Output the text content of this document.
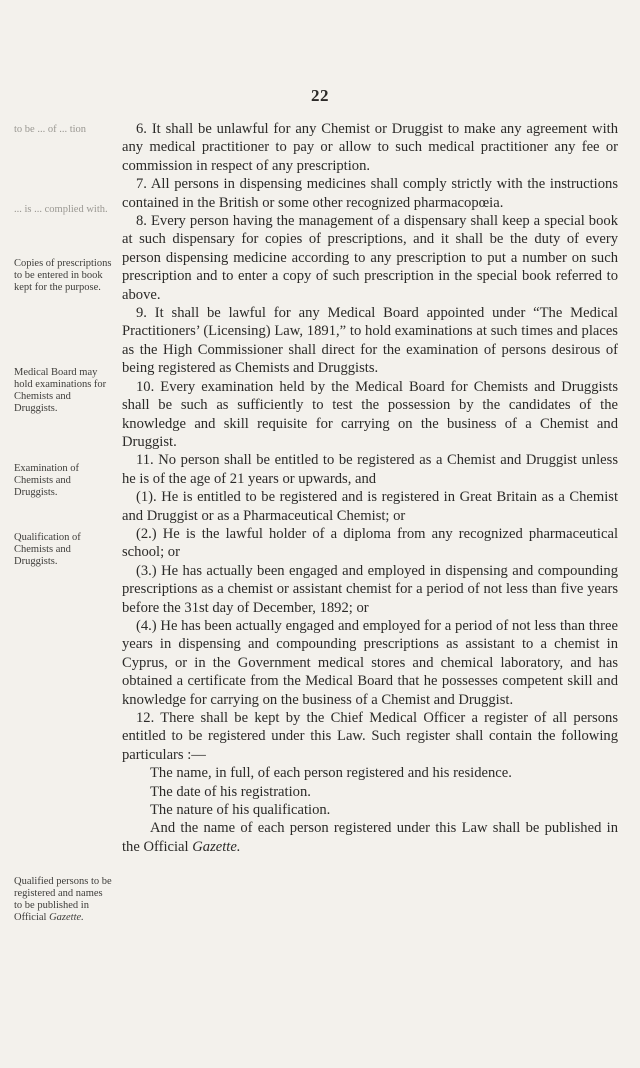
22
to be ... of ... tion
... is ... complied with.
Copies of prescriptions to be entered in book kept for the purpose.
Medical Board may hold examinations for Chemists and Druggists.
Examination of Chemists and Druggists.
Qualification of Chemists and Druggists.
Qualified persons to be registered and names to be published in Official Gazette.

6. It shall be unlawful for any Chemist or Druggist to make any agreement with any medical practitioner to pay or allow to such medical practitioner any fee or commission in respect of any prescription.

7. All persons in dispensing medicines shall comply strictly with the instructions contained in the British or some other recognized pharmacopœia.

8. Every person having the management of a dispensary shall keep a special book at such dispensary for copies of prescriptions, and it shall be the duty of every person dispensing medicine according to any prescription to put a number on such prescription and to enter a copy of such prescription in the special book referred to above.

9. It shall be lawful for any Medical Board appointed under “The Medical Practitioners’ (Licensing) Law, 1891,” to hold examinations at such times and places as the High Commissioner shall direct for the examination of persons desirous of being registered as Chemists and Druggists.

10. Every examination held by the Medical Board for Chemists and Druggists shall be such as sufficiently to test the possession by the candidates of the knowledge and skill requisite for carrying on the business of a Chemist and Druggist.

11. No person shall be entitled to be registered as a Chemist and Druggist unless he is of the age of 21 years or upwards, and

(1). He is entitled to be registered and is registered in Great Britain as a Chemist and Druggist or as a Pharmaceutical Chemist; or

(2.) He is the lawful holder of a diploma from any recognized pharmaceutical school; or

(3.) He has actually been engaged and employed in dispensing and compounding prescriptions as a chemist or assistant chemist for a period of not less than five years before the 31st day of December, 1892; or

(4.) He has been actually engaged and employed for a period of not less than three years in dispensing and compounding prescriptions as assistant to a chemist in Cyprus, or in the Government medical stores and chemical laboratory, and has obtained a certificate from the Medical Board that he possesses competent skill and knowledge for carrying on the business of a Chemist and Druggist.

12. There shall be kept by the Chief Medical Officer a register of all persons entitled to be registered under this Law. Such register shall contain the following particulars :—

The name, in full, of each person registered and his residence.

The date of his registration.

The nature of his qualification.

And the name of each person registered under this Law shall be published in the Official Gazette.
